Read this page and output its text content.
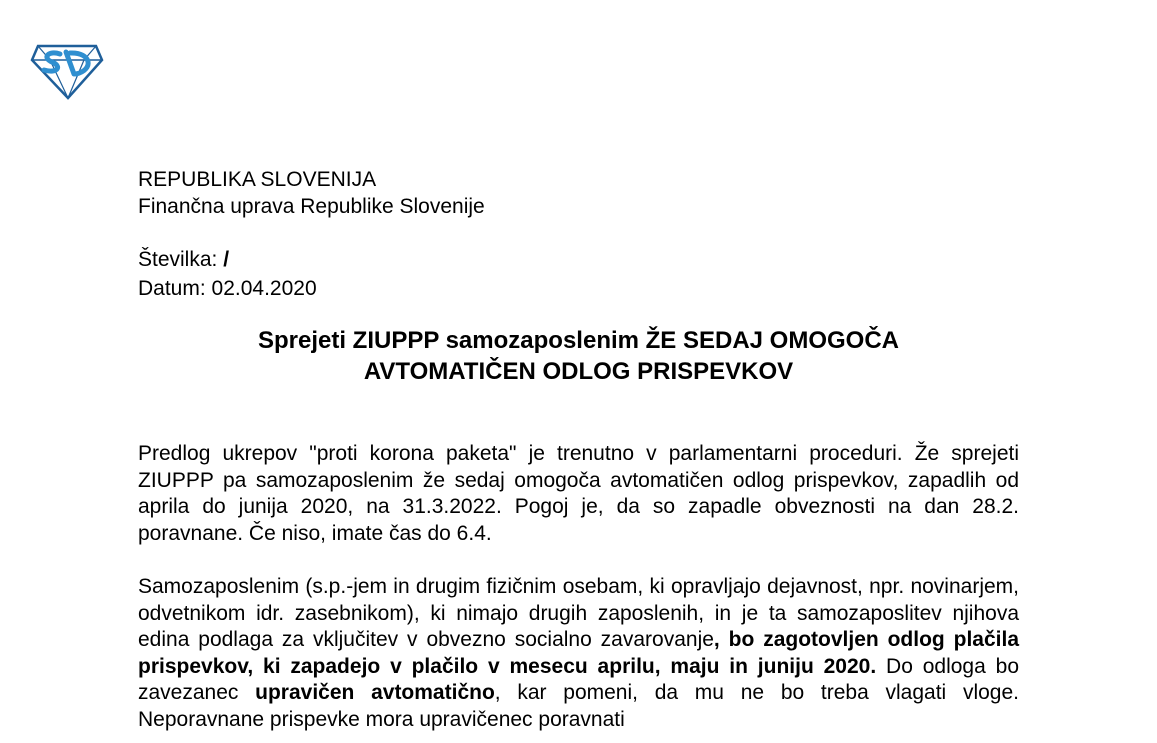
REPUBLIKA SLOVENIJA
Finančna uprava Republike Slovenije
Številka: /
Datum: 02.04.2020
Sprejeti ZIUPPP samozaposlenim ŽE SEDAJ OMOGOČA
AVTOMATIČEN ODLOG PRISPEVKOV

Predlog ukrepov "proti korona paketa" je trenutno v parlamentarni proceduri. Že sprejeti ZIUPPP pa samozaposlenim že sedaj omogoča avtomatičen odlog prispevkov, zapadlih od aprila do junija 2020, na 31.3.2022. Pogoj je, da so zapadle obveznosti na dan 28.2. poravnane. Če niso, imate čas do 6.4.

Samozaposlenim (s.p.-jem in drugim fizičnim osebam, ki opravljajo dejavnost, npr. novinarjem, odvetnikom idr. zasebnikom), ki nimajo drugih zaposlenih, in je ta samozaposlitev njihova edina podlaga za vključitev v obvezno socialno zavarovanje, bo zagotovljen odlog plačila prispevkov, ki zapadejo v plačilo v mesecu aprilu, maju in juniju 2020. Do odloga bo zavezanec upravičen avtomatično, kar pomeni, da mu ne bo treba vlagati vloge. Neporavnane prispevke mora upravičenec poravnati
